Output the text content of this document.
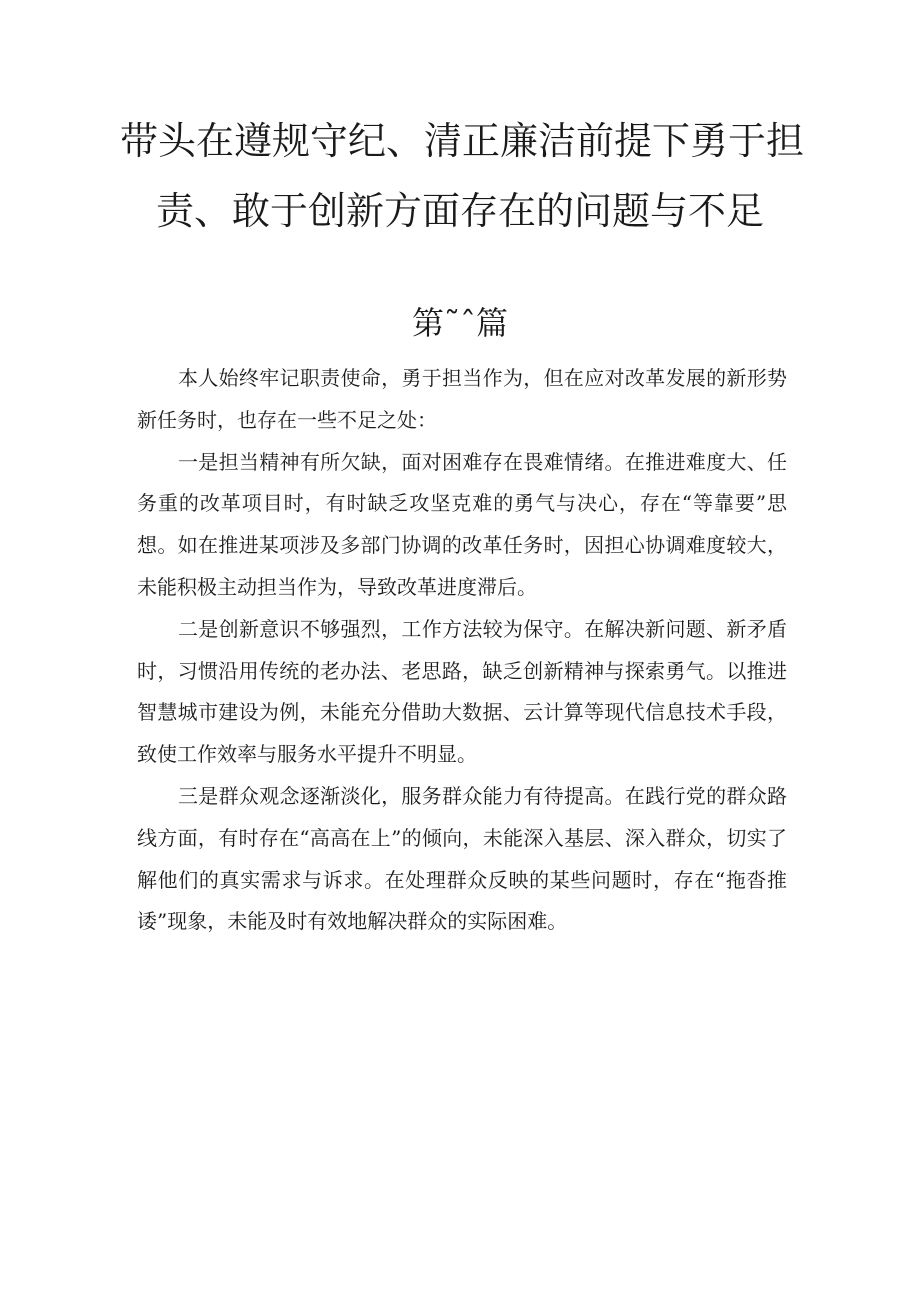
带头在遵规守纪、清正廉洁前提下勇于担
责、敢于创新方面存在的问题与不足
第˜ˆ篇

本人始终牢记职责使命，勇于担当作为，但在应对改革发展的新形势新任务时，也存在一些不足之处：

一是担当精神有所欠缺，面对困难存在畏难情绪。在推进难度大、任务重的改革项目时，有时缺乏攻坚克难的勇气与决心，存在“等靠要”思想。如在推进某项涉及多部门协调的改革任务时，因担心协调难度较大，未能积极主动担当作为，导致改革进度滞后。

二是创新意识不够强烈，工作方法较为保守。在解决新问题、新矛盾时，习惯沿用传统的老办法、老思路，缺乏创新精神与探索勇气。以推进智慧城市建设为例，未能充分借助大数据、云计算等现代信息技术手段，致使工作效率与服务水平提升不明显。

三是群众观念逐渐淡化，服务群众能力有待提高。在践行党的群众路线方面，有时存在“高高在上”的倾向，未能深入基层、深入群众，切实了解他们的真实需求与诉求。在处理群众反映的某些问题时，存在“拖沓推诿”现象，未能及时有效地解决群众的实际困难。
